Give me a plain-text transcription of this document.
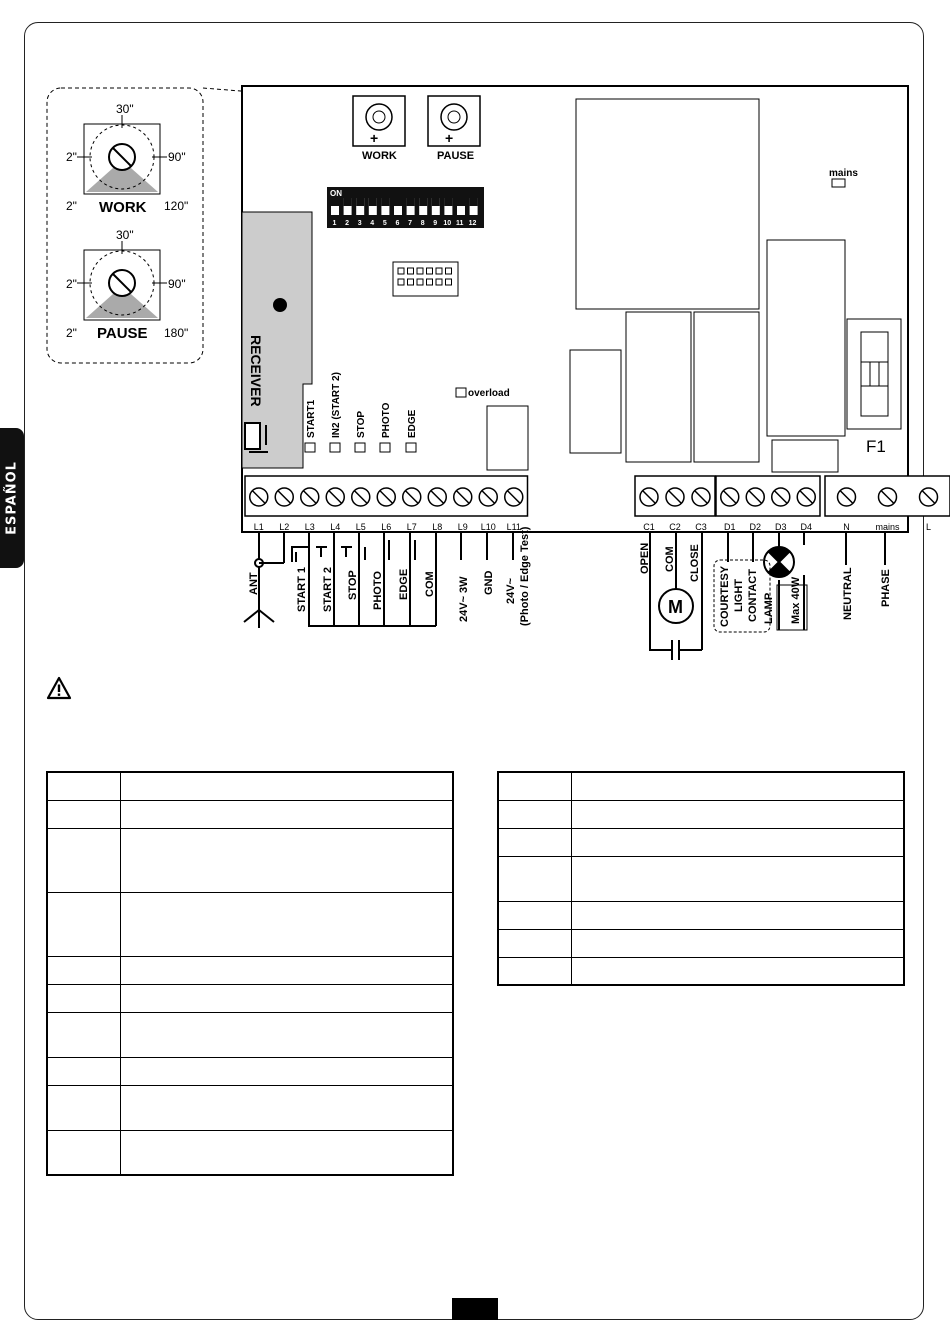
ESPAÑOL
30"
2"	90"
2" WORK 120"
30"
2"	90"
2" PAUSE 180"
+
WORK
+
PAUSE
ON
1 2 3 4 5 6 7 8 9 10 11 12
mains
F1
RECEIVER
START1 IN2 (START 2) STOP PHOTO EDGE
overload
L1 L2 L3 L4 L5 L6 L7 L8 L9 L10 L11	C1 C2 C3 D1 D2 D3 D4	N	mains	L
M
ANT	START 1 START 2 STOP PHOTO EDGE COM 24V~ 3W GND 24V~ (Photo / Edge Test)	OPEN COM CLOSE
COURTESY LIGHT CONTACT LAMP Max 40W	NEUTRAL PHASE
